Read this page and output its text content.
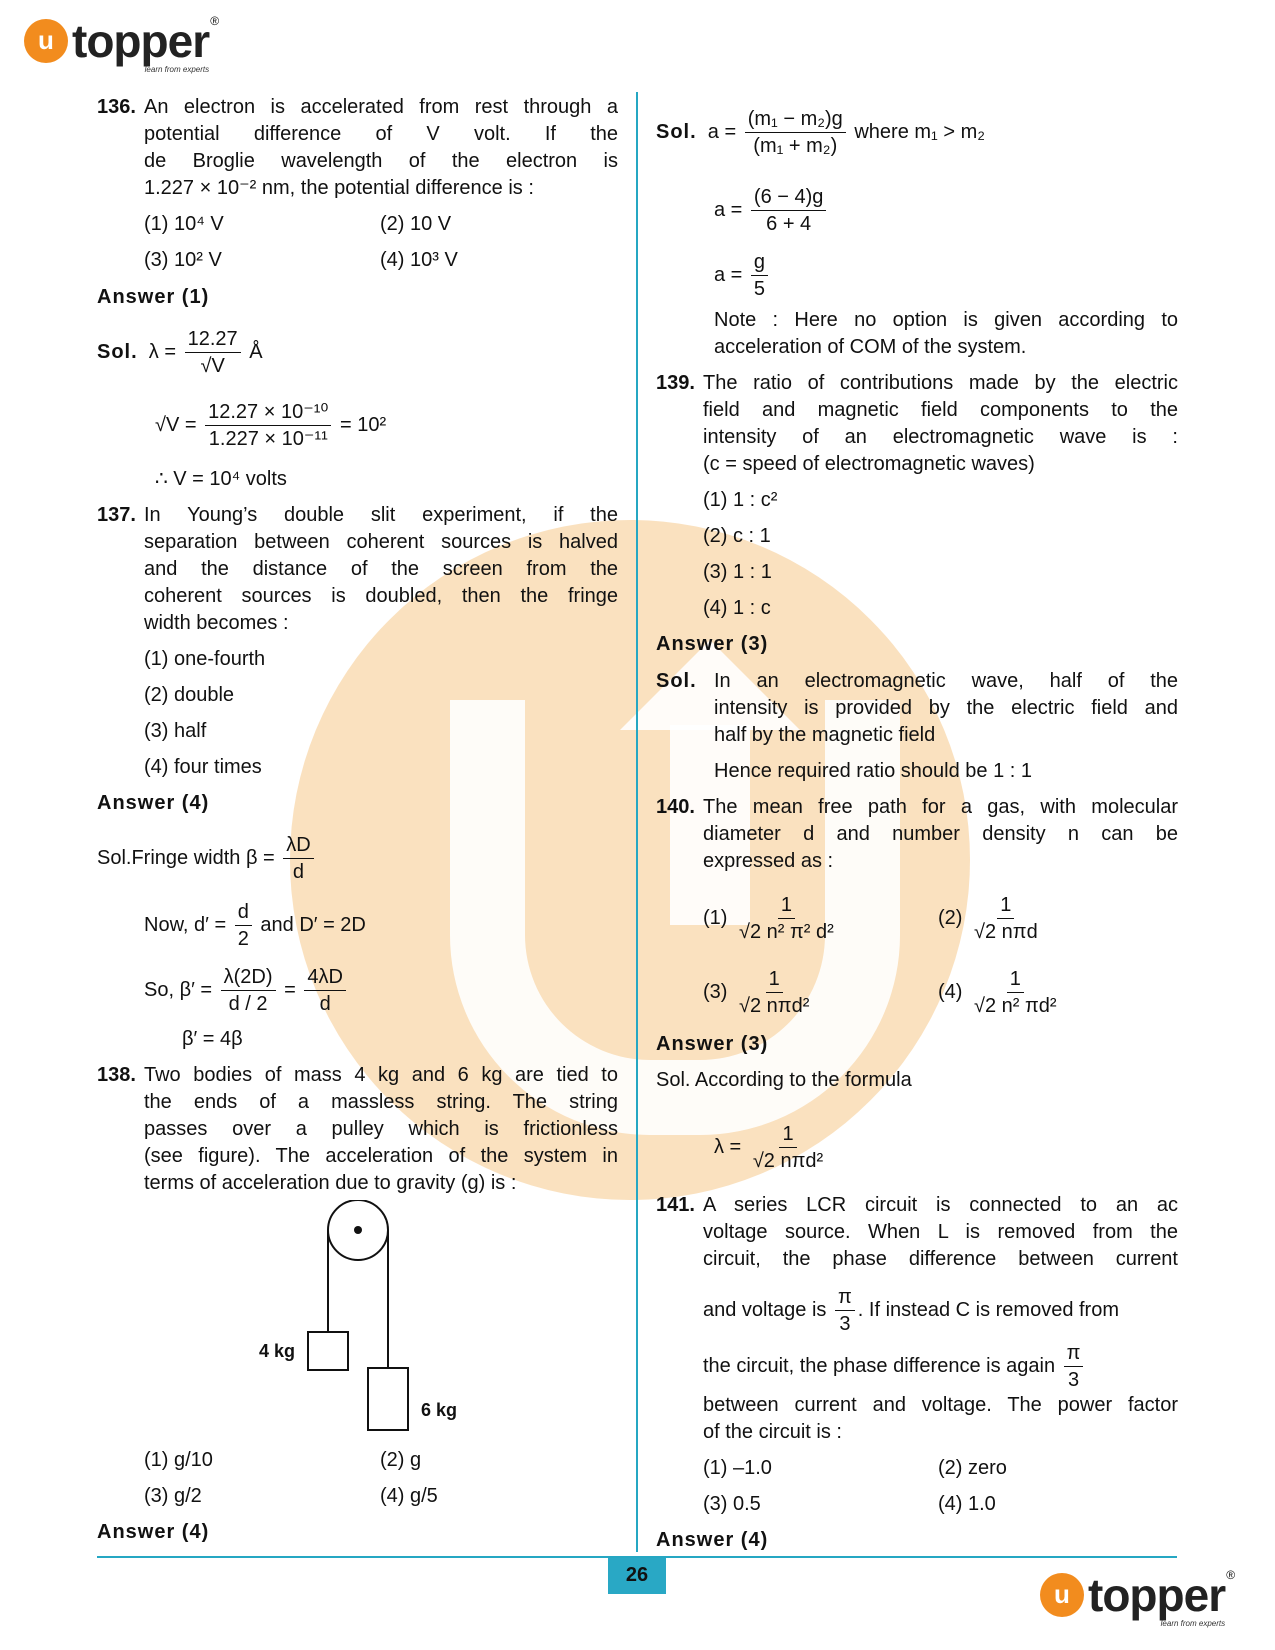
u topper ®
learn from experts
136. An electron is accelerated from rest through a
potential difference of V volt. If the
de Broglie wavelength of the electron is
1.227 × 10⁻² nm, the potential difference is :
(1) 10⁴ V	(2) 10 V
(3) 10² V	(4) 10³ V
Answer (1)
Sol. $\lambda = \frac{12.27}{√V}$ Å
$√V = \frac{\text{12.27 × 10⁻¹⁰}}{\text{1.227 × 10⁻¹¹}} = 10^2$
∴ V = 10⁴ volts
137. In Young’s double slit experiment, if the
separation between coherent sources is halved
and the distance of the screen from the
coherent sources is doubled, then the fringe
width becomes :
(1) one-fourth
(2) double
(3) half
(4) four times
Answer (4)
Sol.Fringe width $\beta = \frac{\lambda D}{d}$
Now, $d' = \frac{d}{2}$ and D′ = 2D
So, $\beta' = \frac{\lambda(2D)}{d / 2} = \frac{4\lambda D}{d}$
β′ = 4β
138. Two bodies of mass 4 kg and 6 kg are tied to
the ends of a massless string. The string
passes over a pulley which is frictionless
(see figure). The acceleration of the system in
terms of acceleration due to gravity (g) is :
4 kg
6 kg
(1) g/10	(2) g
(3) g/2	(4) g/5
Answer (4)
Sol. $a = \frac{\text{(m₁ − m₂)g}}{\text{(m₁ + m₂)}}$ where m₁ > m₂
$a = \frac{(6 - 4)g}{6 + 4}$
$a = \frac{g}{5}$
Note : Here no option is given according to
acceleration of COM of the system.
139. The ratio of contributions made by the electric
field and magnetic field components to the
intensity of an electromagnetic wave is :
(c = speed of electromagnetic waves)
(1) 1 : c²
(2) c : 1
(3) 1 : 1
(4) 1 : c
Answer (3)
Sol. In an electromagnetic wave, half of the
intensity is provided by the electric field and
half by the magnetic field
Hence required ratio should be 1 : 1
140. The mean free path for a gas, with molecular
diameter d and number density n can be
expressed as :
$(1) \frac{1}{\text{√2 n² π² d²}}$	$(2) \frac{1}{\text{√2 nπd}}$
$(3) \frac{1}{\text{√2 nπd²}}$	$(4) \frac{1}{\text{√2 n² πd²}}$
Answer (3)
Sol. According to the formula
$\lambda = \frac{1}{\text{√2 nπd²}}$
141. A series LCR circuit is connected to an ac
voltage source. When L is removed from the
circuit, the phase difference between current
and voltage is $\frac{\pi}{3}$ . If instead C is removed from
the circuit, the phase difference is again $\frac{\pi}{3}$
between current and voltage. The power factor
of the circuit is :
(1) –1.0	(2) zero
(3) 0.5	(4) 1.0
Answer (4)
26
u topper ®
learn from experts
